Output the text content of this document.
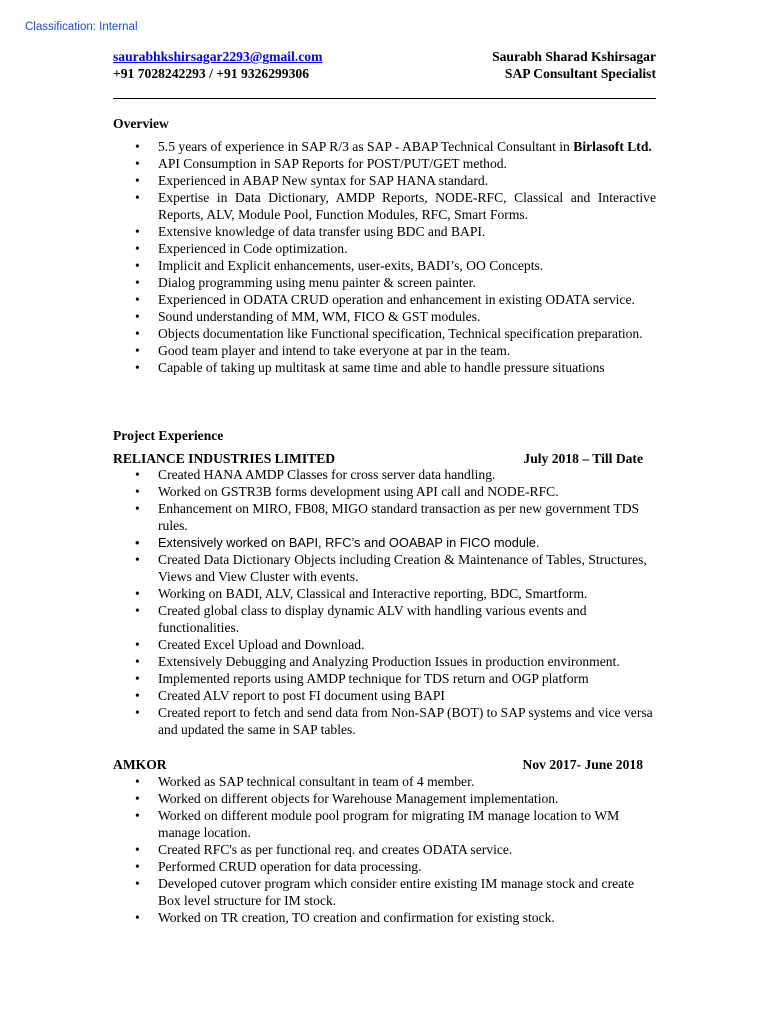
Classification: Internal
saurabhkshirsagar2293@gmail.com
+91 7028242293 / +91 9326299306
Saurabh Sharad Kshirsagar
SAP Consultant Specialist
Overview
• 5.5 years of experience in SAP R/3 as SAP - ABAP Technical Consultant in Birlasoft Ltd.
• API Consumption in SAP Reports for POST/PUT/GET method.
• Experienced in ABAP New syntax for SAP HANA standard.
• Expertise in Data Dictionary, AMDP Reports, NODE-RFC, Classical and Interactive Reports, ALV, Module Pool, Function Modules, RFC, Smart Forms.
• Extensive knowledge of data transfer using BDC and BAPI.
• Experienced in Code optimization.
• Implicit and Explicit enhancements, user-exits, BADI’s, OO Concepts.
• Dialog programming using menu painter & screen painter.
• Experienced in ODATA CRUD operation and enhancement in existing ODATA service.
• Sound understanding of MM, WM, FICO & GST modules.
• Objects documentation like Functional specification, Technical specification preparation.
• Good team player and intend to take everyone at par in the team.
• Capable of taking up multitask at same time and able to handle pressure situations
Project Experience
RELIANCE INDUSTRIES LIMITED	July 2018 – Till Date
• Created HANA AMDP Classes for cross server data handling.
• Worked on GSTR3B forms development using API call and NODE-RFC.
• Enhancement on MIRO, FB08, MIGO standard transaction as per new government TDS rules.
• Extensively worked on BAPI, RFC’s and OOABAP in FICO module.
• Created Data Dictionary Objects including Creation & Maintenance of Tables, Structures, Views and View Cluster with events.
• Working on BADI, ALV, Classical and Interactive reporting, BDC, Smartform.
• Created global class to display dynamic ALV with handling various events and functionalities.
• Created Excel Upload and Download.
• Extensively Debugging and Analyzing Production Issues in production environment.
• Implemented reports using AMDP technique for TDS return and OGP platform
• Created ALV report to post FI document using BAPI
• Created report to fetch and send data from Non-SAP (BOT) to SAP systems and vice versa and updated the same in SAP tables.
AMKOR	Nov 2017- June 2018
• Worked as SAP technical consultant in team of 4 member.
• Worked on different objects for Warehouse Management implementation.
• Worked on different module pool program for migrating IM manage location to WM manage location.
• Created RFC's as per functional req. and creates ODATA service.
• Performed CRUD operation for data processing.
• Developed cutover program which consider entire existing IM manage stock and create Box level structure for IM stock.
• Worked on TR creation, TO creation and confirmation for existing stock.
